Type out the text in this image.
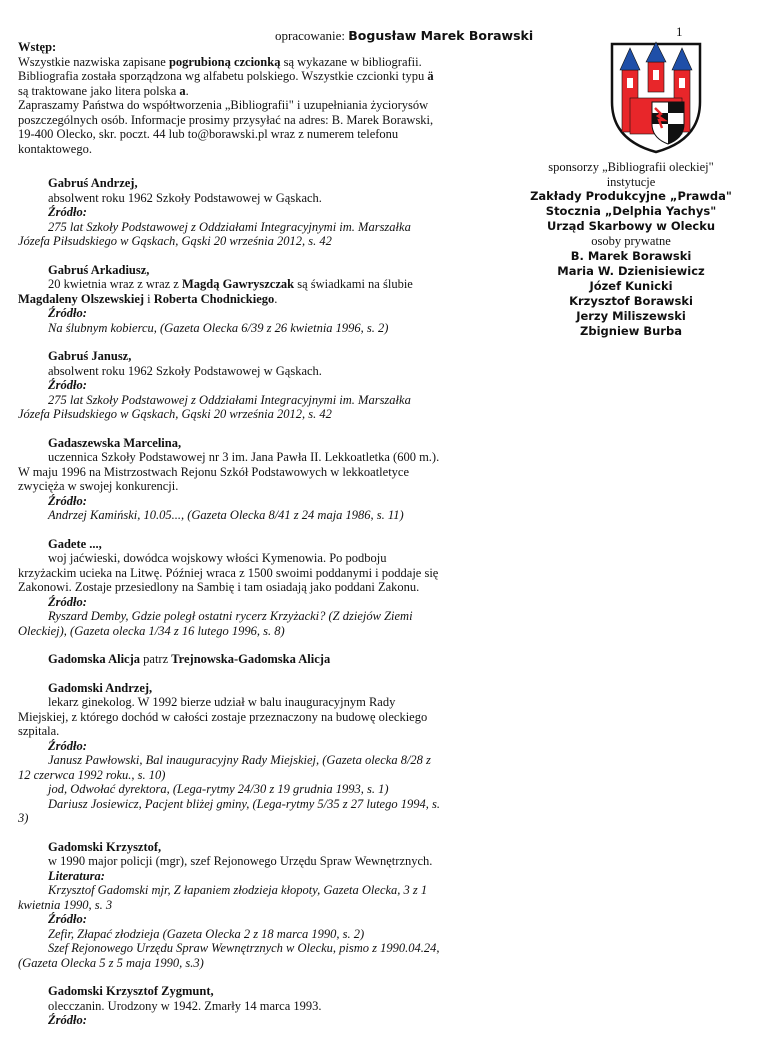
opracowanie: Bogusław Marek Borawski	1
Wstęp:
Wszystkie nazwiska zapisane pogrubioną czcionką są wykazane w bibliografii. Bibliografia została sporządzona wg alfabetu polskiego. Wszystkie czcionki typu ä są traktowane jako litera polska a.
Zapraszamy Państwa do współtworzenia „Bibliografii" i uzupełniania życiorysów poszczególnych osób. Informacje prosimy przysyłać na adres: B. Marek Borawski, 19-400 Olecko, skr. poczt. 44 lub to@borawski.pl wraz z numerem telefonu kontaktowego.
Gabruś Andrzej,
absolwent roku 1962 Szkoły Podstawowej w Gąskach.
Źródło:
275 lat Szkoły Podstawowej z Oddziałami Integracyjnymi im. Marszałka Józefa Piłsudskiego w Gąskach, Gąski 20 września 2012, s. 42
Gabruś Arkadiusz,
20 kwietnia wraz z wraz z Magdą Gawryszczak są świadkami na ślubie Magdaleny Olszewskiej i Roberta Chodnickiego.
Źródło:
Na ślubnym kobiercu, (Gazeta Olecka 6/39 z 26 kwietnia 1996, s. 2)
Gabruś Janusz,
absolwent roku 1962 Szkoły Podstawowej w Gąskach.
Źródło:
275 lat Szkoły Podstawowej z Oddziałami Integracyjnymi im. Marszałka Józefa Piłsudskiego w Gąskach, Gąski 20 września 2012, s. 42
Gadaszewska Marcelina,
uczennica Szkoły Podstawowej nr 3 im. Jana Pawła II. Lekkoatletka (600 m.). W maju 1996 na Mistrzostwach Rejonu Szkół Podstawowych w lekkoatletyce zwycięża w swojej konkurencji.
Źródło:
Andrzej Kamiński, 10.05..., (Gazeta Olecka 8/41 z 24 maja 1986, s. 11)
Gadete ...,
woj jaćwieski, dowódca wojskowy włości Kymenowia. Po podboju krzyżackim ucieka na Litwę. Później wraca z 1500 swoimi poddanymi i poddaje się Zakonowi. Zostaje przesiedlony na Sambię i tam osiadają jako poddani Zakonu.
Źródło:
Ryszard Demby, Gdzie poległ ostatni rycerz Krzyżacki? (Z dziejów Ziemi Oleckiej), (Gazeta olecka 1/34 z 16 lutego 1996, s. 8)
Gadomska Alicja patrz Trejnowska-Gadomska Alicja
Gadomski Andrzej,
lekarz ginekolog. W 1992 bierze udział w balu inauguracyjnym Rady Miejskiej, z którego dochód w całości zostaje przeznaczony na budowę oleckiego szpitala.
Źródło:
Janusz Pawłowski, Bal inauguracyjny Rady Miejskiej, (Gazeta olecka 8/28 z 12 czerwca 1992 roku., s. 10)
jod, Odwołać dyrektora, (Lega-rytmy 24/30 z 19 grudnia 1993, s. 1)
Dariusz Josiewicz, Pacjent bliżej gminy, (Lega-rytmy 5/35 z 27 lutego 1994, s. 3)
Gadomski Krzysztof,
w 1990 major policji (mgr), szef Rejonowego Urzędu Spraw Wewnętrznych.
Literatura:
Krzysztof Gadomski mjr, Z łapaniem złodzieja kłopoty, Gazeta Olecka, 3 z 1 kwietnia 1990, s. 3
Źródło:
Zefir, Złapać złodzieja (Gazeta Olecka 2 z 18 marca 1990, s. 2)
Szef Rejonowego Urzędu Spraw Wewnętrznych w Olecku, pismo z 1990.04.24, (Gazeta Olecka 5 z 5 maja 1990, s.3)
Gadomski Krzysztof Zygmunt,
olecczanin. Urodzony w 1942. Zmarły 14 marca 1993.
Źródło:
sponsorzy „Bibliografii oleckiej"
instytucje
Zakłady Produkcyjne „Prawda"
Stocznia „Delphia Yachys"
Urząd Skarbowy w Olecku
osoby prywatne
B. Marek Borawski
Maria W. Dzienisiewicz
Józef Kunicki
Krzysztof Borawski
Jerzy Miliszewski
Zbigniew Burba
